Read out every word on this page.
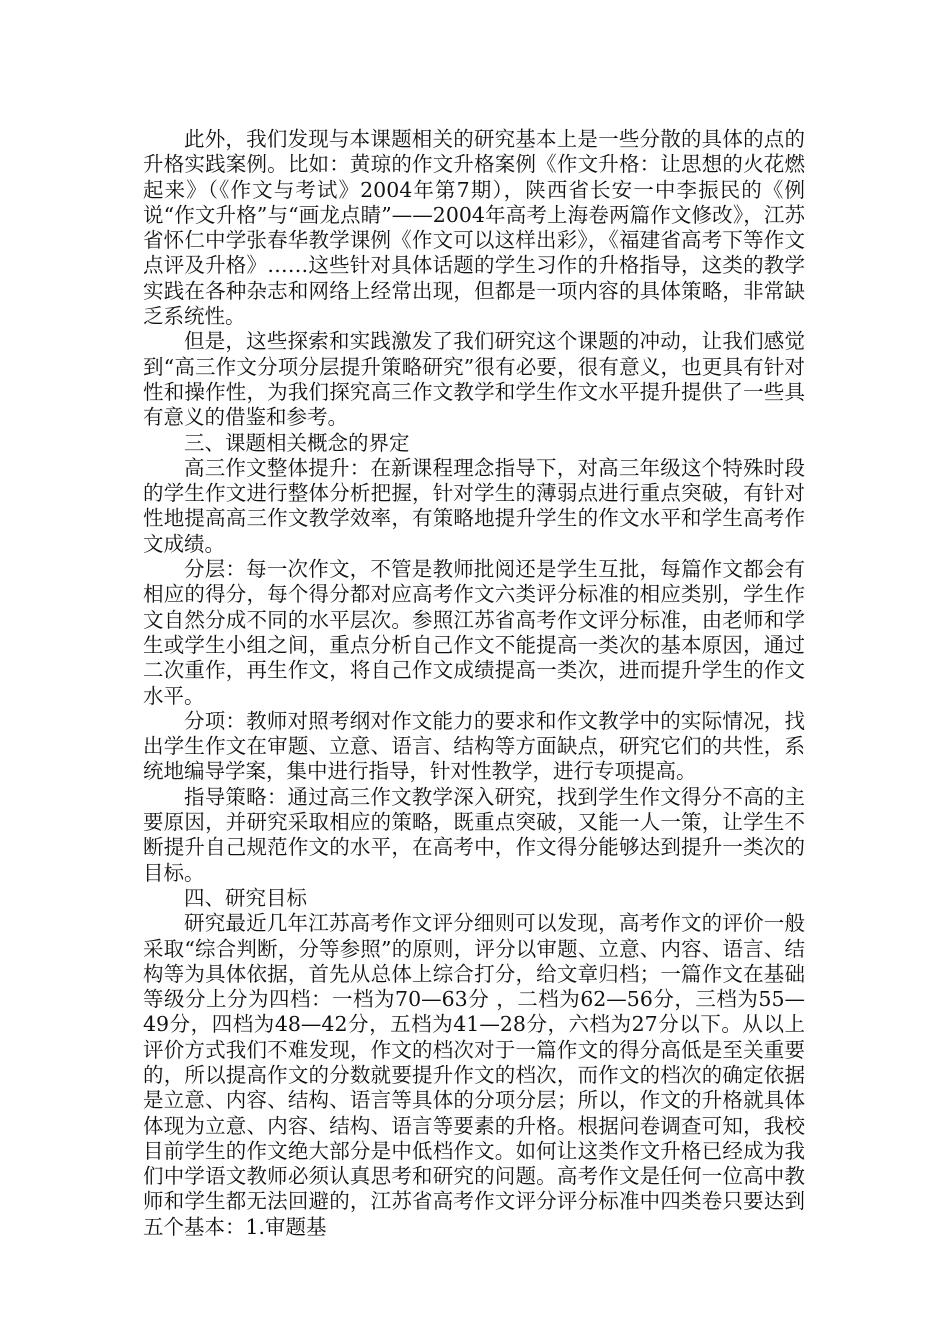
此外，我们发现与本课题相关的研究基本上是一些分散的具体的点的升格实践案例。比如：黄琼的作文升格案例《作文升格：让思想的火花燃起来》（《作文与考试》2004年第7期），陕西省长安一中李振民的《例说“作文升格”与“画龙点睛”——2004年高考上海卷两篇作文修改》，江苏省怀仁中学张春华教学课例《作文可以这样出彩》，《福建省高考下等作文点评及升格》……这些针对具体话题的学生习作的升格指导，这类的教学实践在各种杂志和网络上经常出现，但都是一项内容的具体策略，非常缺乏系统性。

但是，这些探索和实践激发了我们研究这个课题的冲动，让我们感觉到“高三作文分项分层提升策略研究”很有必要，很有意义，也更具有针对性和操作性，为我们探究高三作文教学和学生作文水平提升提供了一些具有意义的借鉴和参考。

三、课题相关概念的界定

高三作文整体提升：在新课程理念指导下，对高三年级这个特殊时段的学生作文进行整体分析把握，针对学生的薄弱点进行重点突破，有针对性地提高高三作文教学效率，有策略地提升学生的作文水平和学生高考作文成绩。

分层：每一次作文，不管是教师批阅还是学生互批，每篇作文都会有相应的得分，每个得分都对应高考作文六类评分标准的相应类别，学生作文自然分成不同的水平层次。参照江苏省高考作文评分标准，由老师和学生或学生小组之间，重点分析自己作文不能提高一类次的基本原因，通过二次重作，再生作文，将自己作文成绩提高一类次，进而提升学生的作文水平。

分项：教师对照考纲对作文能力的要求和作文教学中的实际情况，找出学生作文在审题、立意、语言、结构等方面缺点，研究它们的共性，系统地编导学案，集中进行指导，针对性教学，进行专项提高。

指导策略：通过高三作文教学深入研究，找到学生作文得分不高的主要原因，并研究采取相应的策略，既重点突破，又能一人一策，让学生不断提升自己规范作文的水平，在高考中，作文得分能够达到提升一类次的目标。

四、研究目标

研究最近几年江苏高考作文评分细则可以发现，高考作文的评价一般采取“综合判断，分等参照”的原则，评分以审题、立意、内容、语言、结构等为具体依据，首先从总体上综合打分，给文章归档；一篇作文在基础等级分上分为四档：一档为70—63分 ，二档为62—56分，三档为55—49分，四档为48—42分，五档为41—28分，六档为27分以下。从以上评价方式我们不难发现，作文的档次对于一篇作文的得分高低是至关重要的，所以提高作文的分数就要提升作文的档次，而作文的档次的确定依据是立意、内容、结构、语言等具体的分项分层；所以，作文的升格就具体体现为立意、内容、结构、语言等要素的升格。根据问卷调查可知，我校目前学生的作文绝大部分是中低档作文。如何让这类作文升格已经成为我们中学语文教师必须认真思考和研究的问题。高考作文是任何一位高中教师和学生都无法回避的，江苏省高考作文评分评分标准中四类卷只要达到五个基本：1.审题基
